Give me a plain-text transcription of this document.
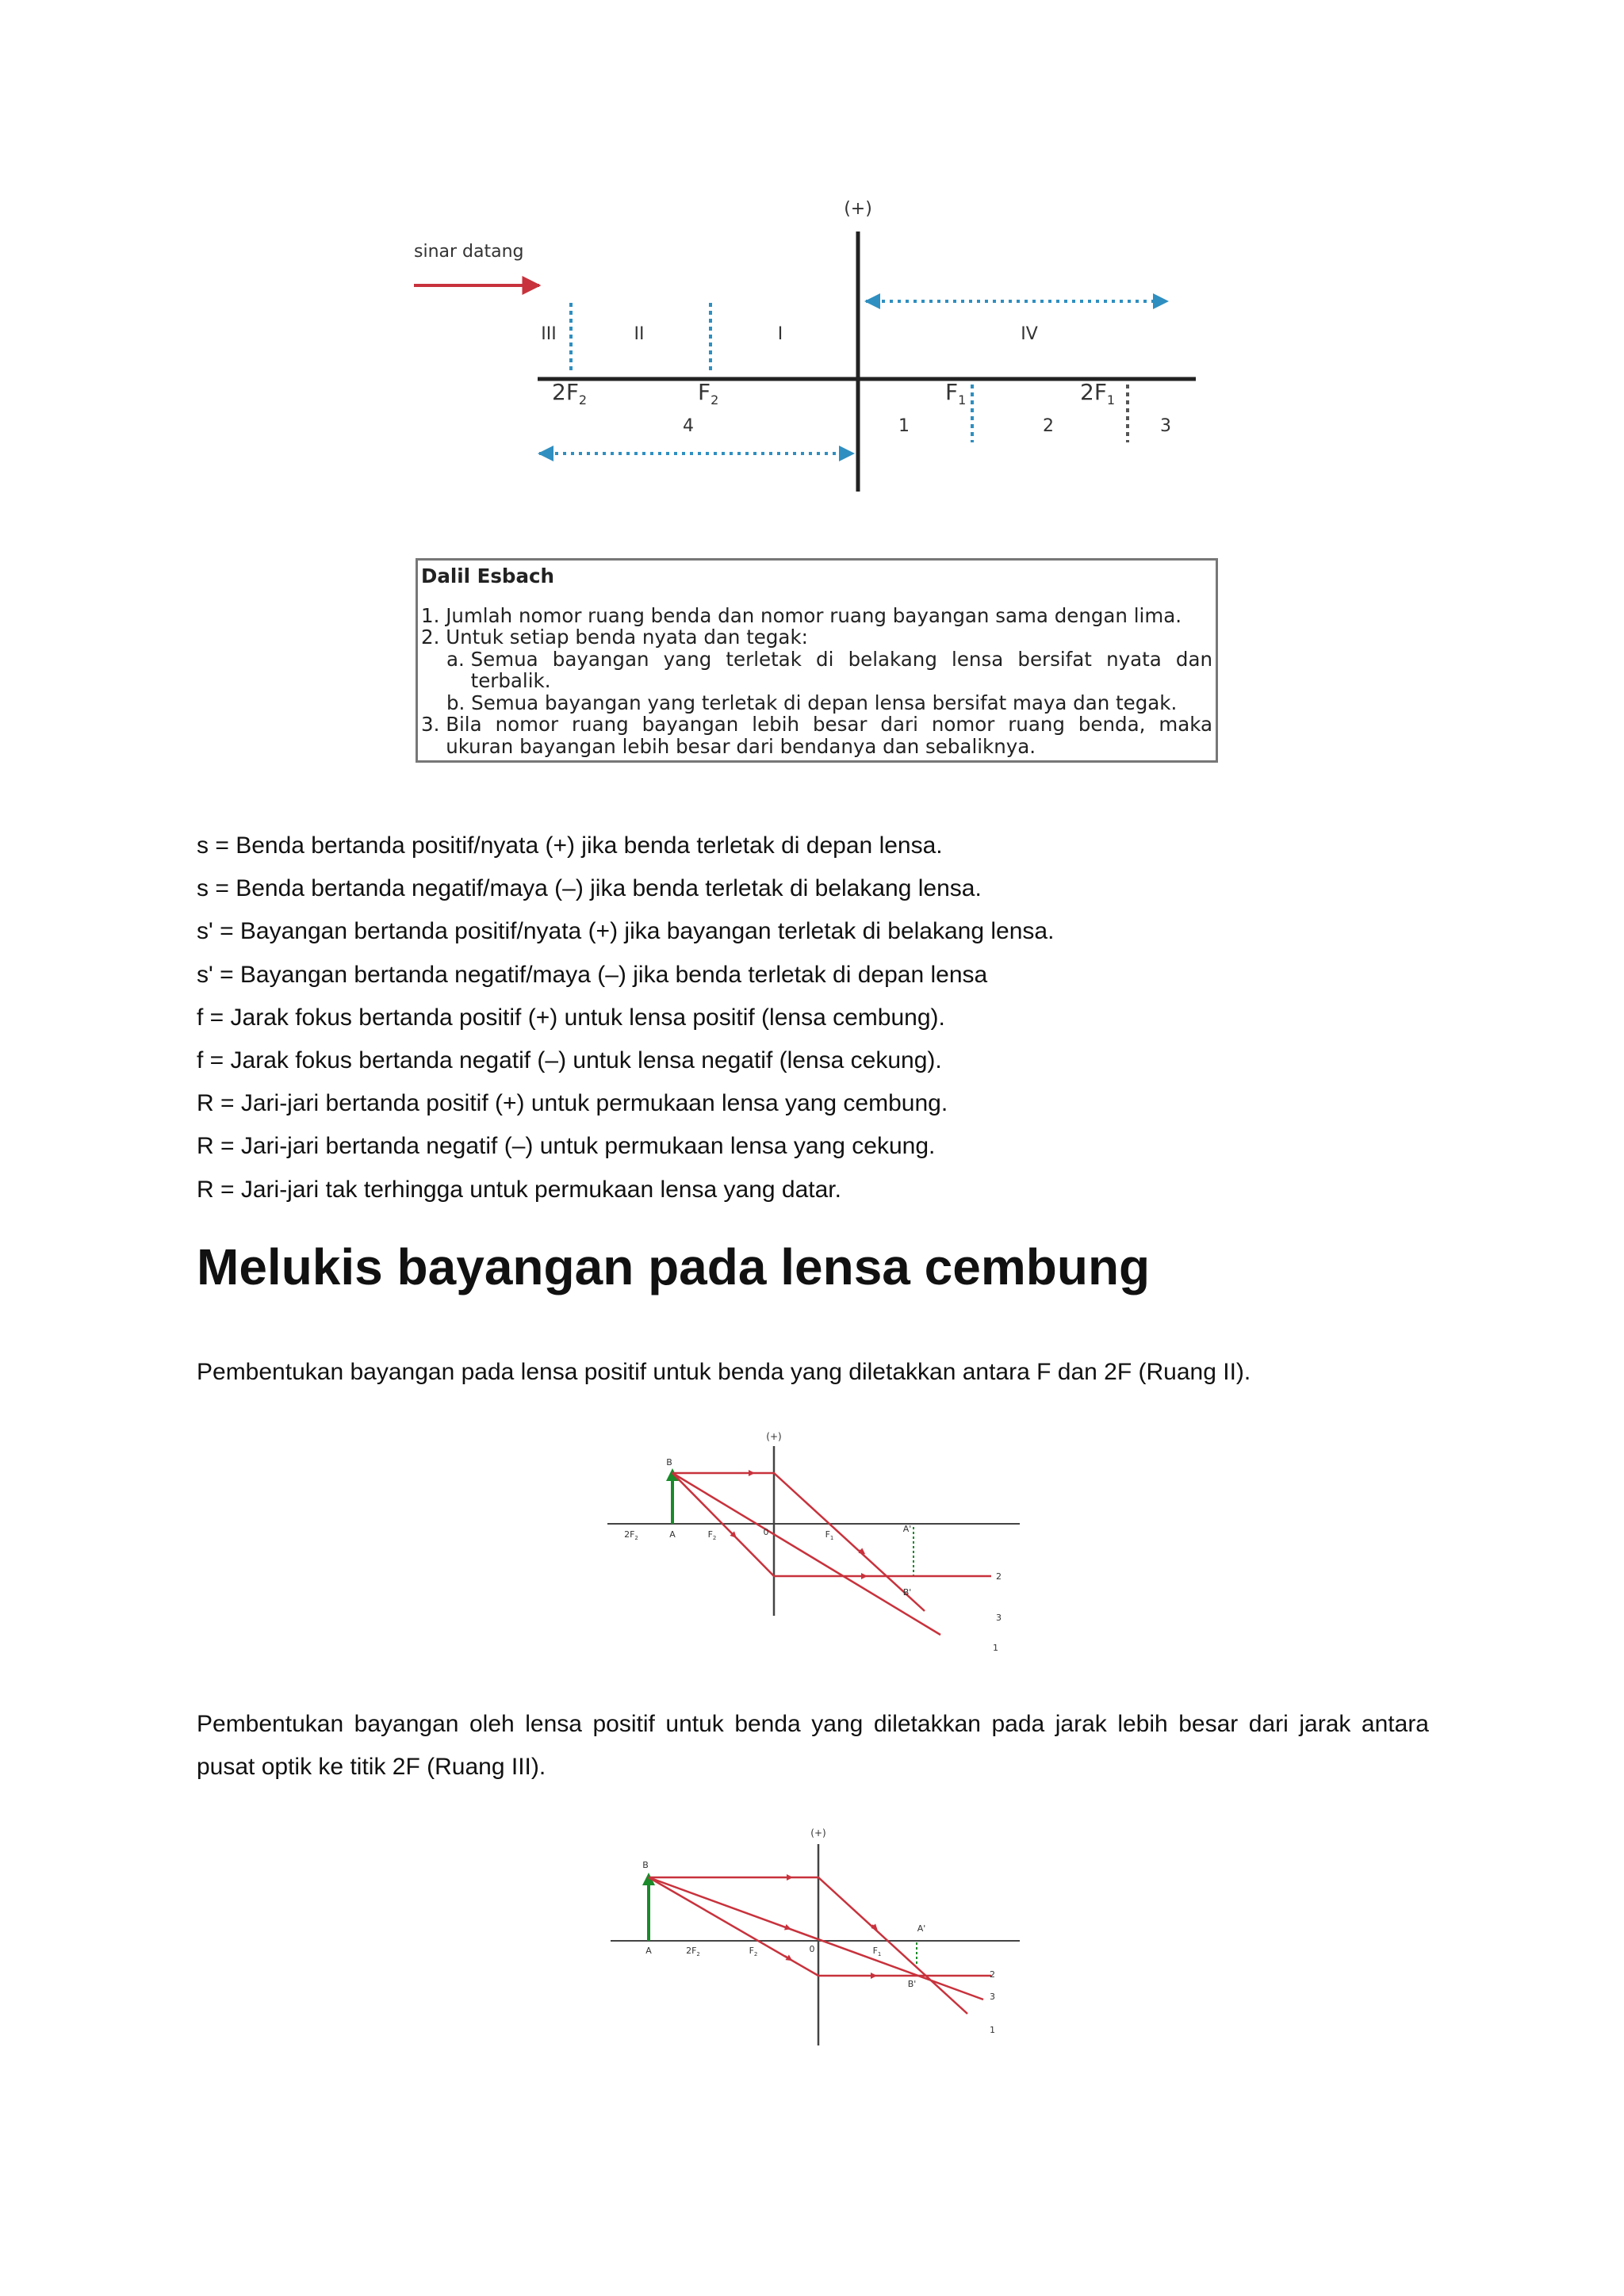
sinar datang
(+)
III	II	I	IV
1	2	3
4
$2F_2$	$F_2$	$F_1$	$2F_1$
Dalil Esbach
1.
Jumlah nomor ruang benda dan nomor ruang bayangan sama dengan lima.
2.
Untuk setiap benda nyata dan tegak:
a.
Semua bayangan yang terletak di belakang lensa bersifat nyata dan terbalik.
b.
Semua bayangan yang terletak di depan lensa bersifat maya dan tegak.
3.
Bila nomor ruang bayangan lebih besar dari nomor ruang benda, maka ukuran bayangan lebih besar dari bendanya dan sebaliknya.
s = Benda bertanda positif/nyata (+) jika benda terletak di depan lensa.
s = Benda bertanda negatif/maya (–) jika benda terletak di belakang lensa.
s' = Bayangan bertanda positif/nyata (+) jika bayangan terletak di belakang lensa.
s' = Bayangan bertanda negatif/maya (–) jika benda terletak di depan lensa
f = Jarak fokus bertanda positif (+) untuk lensa positif (lensa cembung).
f = Jarak fokus bertanda negatif (–) untuk lensa negatif (lensa cekung).
R = Jari-jari bertanda positif (+) untuk permukaan lensa yang cembung.
R = Jari-jari bertanda negatif (–) untuk permukaan lensa yang cekung.
R = Jari-jari tak terhingga untuk permukaan lensa yang datar.
Melukis bayangan pada lensa cembung

Pembentukan bayangan pada lensa positif untuk benda yang diletakkan antara F dan 2F (Ruang II).

(+)
B
$2F_2$	A	$F_2$
0	$F_1$
A'
B'
2
3
1

Pembentukan bayangan oleh lensa positif untuk benda yang diletakkan pada jarak lebih besar dari jarak antara pusat optik ke titik 2F (Ruang III).

(+)
B
A	$2F_2$	$F_2$	0	$F_1$
A'
B'
2
3
1
